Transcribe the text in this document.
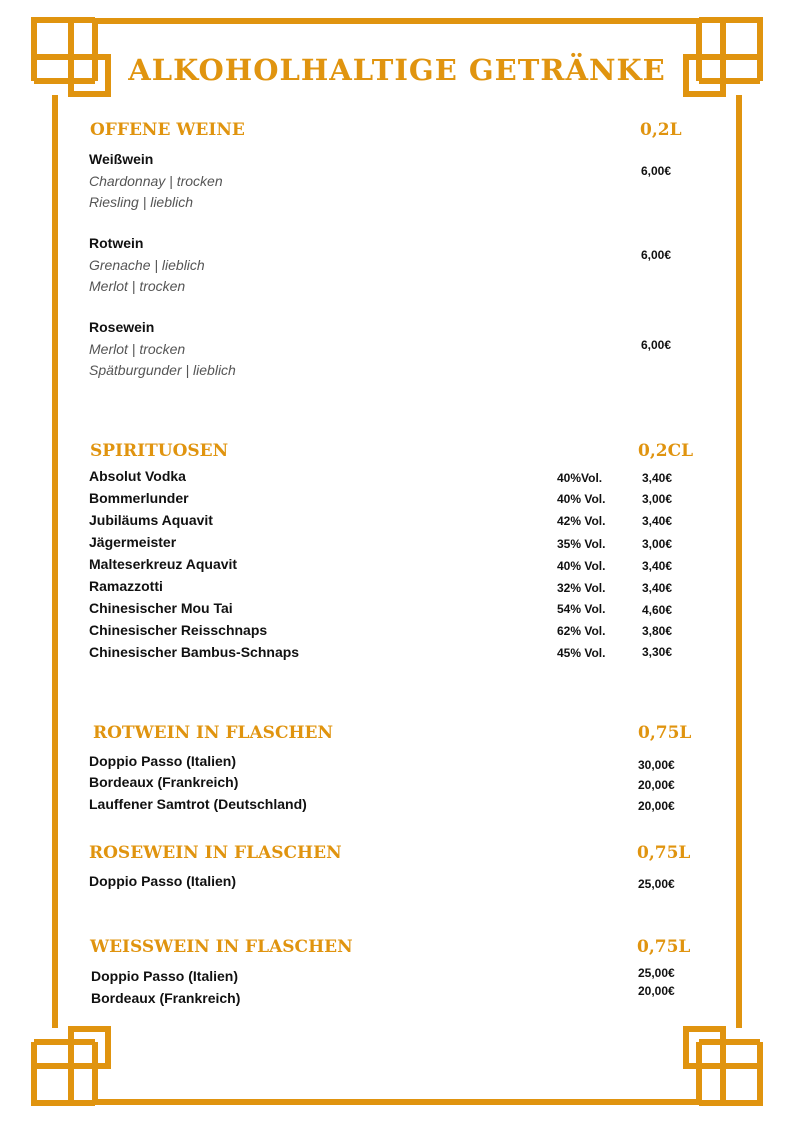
ALKOHOLHALTIGE GETRÄNKE
OFFENE WEINE	0,2L
Weißwein
Chardonnay | trocken
Riesling | lieblich
6,00€
Rotwein
Grenache | lieblich
Merlot | trocken
6,00€
Rosewein
Merlot | trocken
Spätburgunder | lieblich
6,00€
SPIRITUOSEN	0,2CL
Absolut Vodka	40%Vol.	3,40€
Bommerlunder	40% Vol.	3,00€
Jubiläums Aquavit	42% Vol.	3,40€
Jägermeister	35% Vol.	3,00€
Malteserkreuz Aquavit	40% Vol.	3,40€
Ramazzotti	32% Vol.	3,40€
Chinesischer Mou Tai	54% Vol.	4,60€
Chinesischer Reisschnaps	62% Vol.	3,80€
Chinesischer Bambus-Schnaps	45% Vol.	3,30€
ROTWEIN IN FLASCHEN	0,75L
Doppio Passo (Italien)	30,00€
Bordeaux (Frankreich)	20,00€
Lauffener Samtrot (Deutschland)	20,00€
ROSEWEIN IN FLASCHEN	0,75L
Doppio Passo (Italien)	25,00€
WEISSWEIN IN FLASCHEN	0,75L
Doppio Passo (Italien)	25,00€
Bordeaux (Frankreich)	20,00€
